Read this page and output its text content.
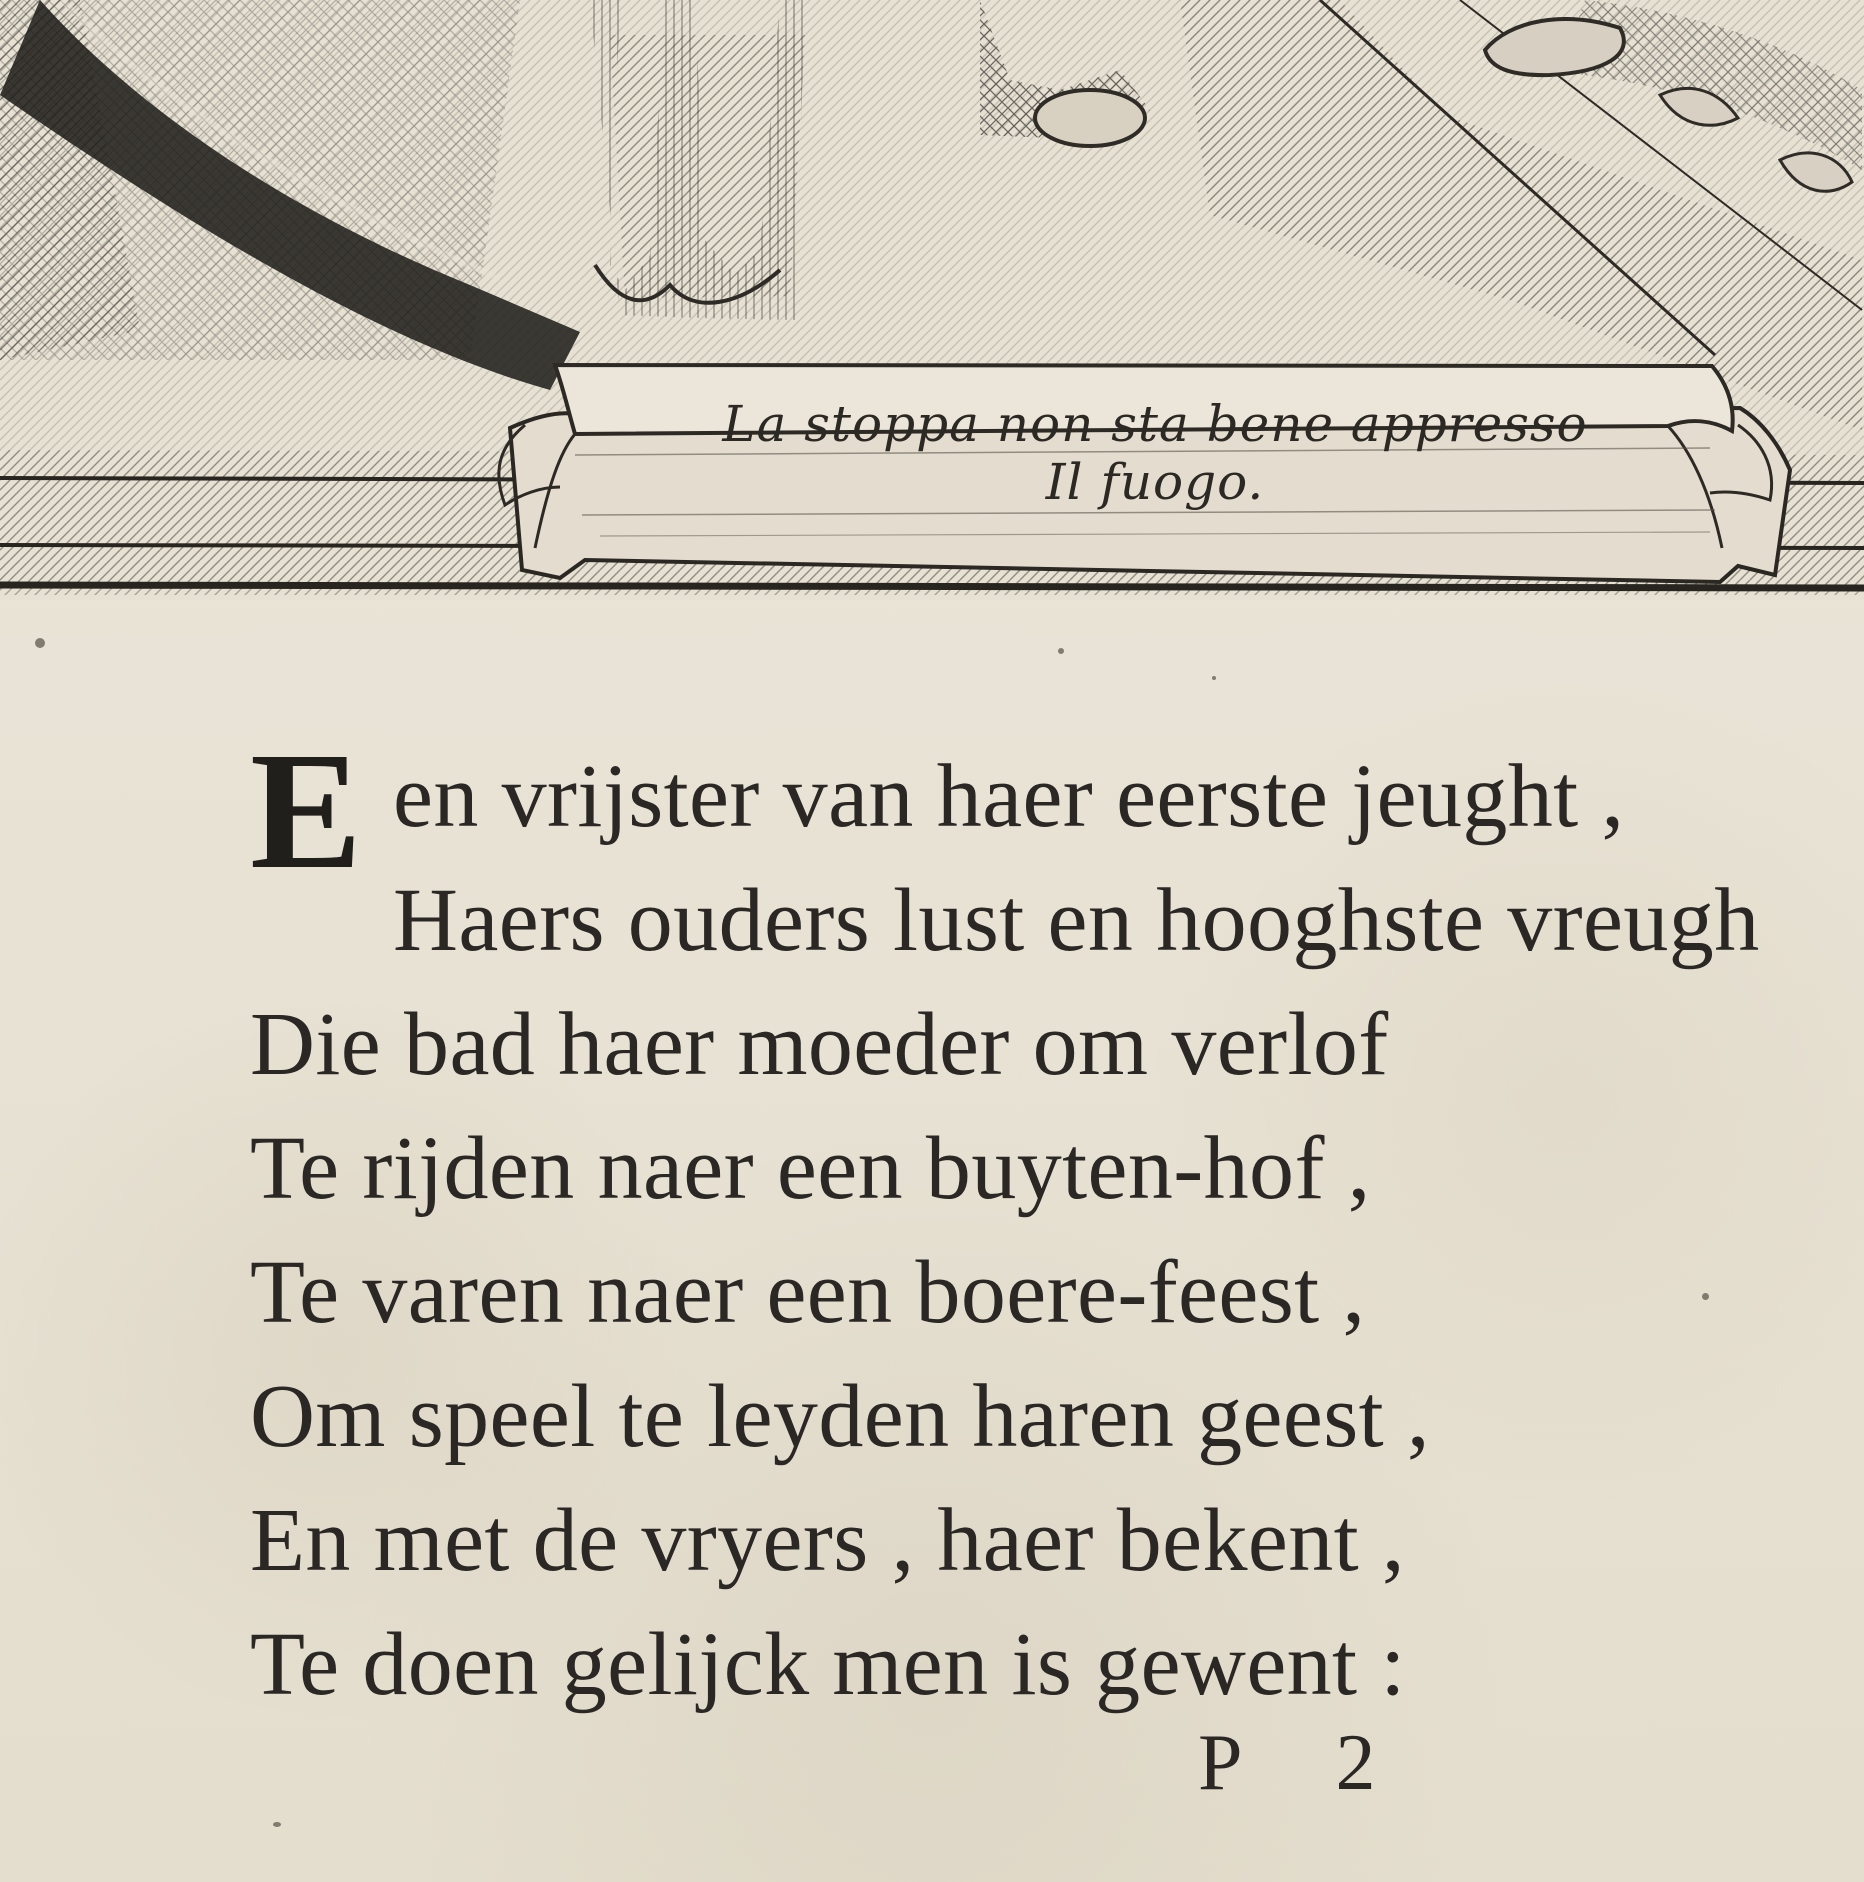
La stoppa non sta bene appresso
Il fuogo.
E en vrijster van haer eerste jeught ,
Haers ouders lust en hooghste vreugh
Die bad haer moeder om verlof
Te rijden naer een buyten-hof ,
Te varen naer een boere-feest ,
Om speel te leyden haren geest ,
En met de vryers , haer bekent ,
Te doen gelijck men is gewent :
P 2
